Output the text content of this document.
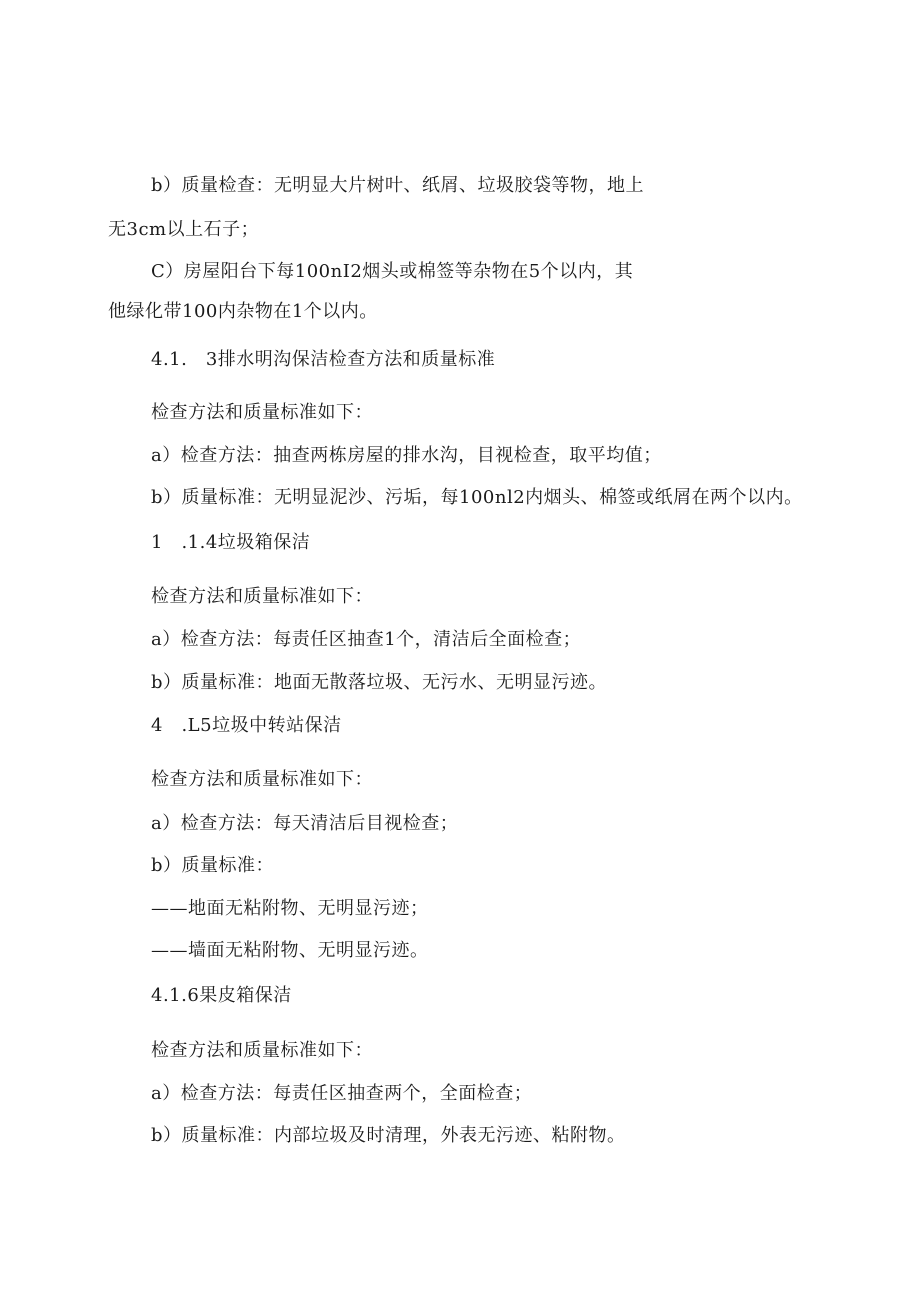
b）质量检查：无明显大片树叶、纸屑、垃圾胶袋等物，地上
无3cm以上石子；
C）房屋阳台下每100nI2烟头或棉签等杂物在5个以内，其
他绿化带100内杂物在1个以内。
4.1.　3排水明沟保洁检查方法和质量标准
检查方法和质量标准如下：
a）检查方法：抽查两栋房屋的排水沟，目视检查，取平均值；
b）质量标准：无明显泥沙、污垢，每100nl2内烟头、棉签或纸屑在两个以内。
1　.1.4垃圾箱保洁
检查方法和质量标准如下：
a）检查方法：每责任区抽查1个，清洁后全面检查；
b）质量标准：地面无散落垃圾、无污水、无明显污迹。
4　.L5垃圾中转站保洁
检查方法和质量标准如下：
a）检查方法：每天清洁后目视检查；
b）质量标准：
——地面无粘附物、无明显污迹；
——墙面无粘附物、无明显污迹。
4.1.6果皮箱保洁
检查方法和质量标准如下：
a）检查方法：每责任区抽查两个，全面检查；
b）质量标准：内部垃圾及时清理，外表无污迹、粘附物。
